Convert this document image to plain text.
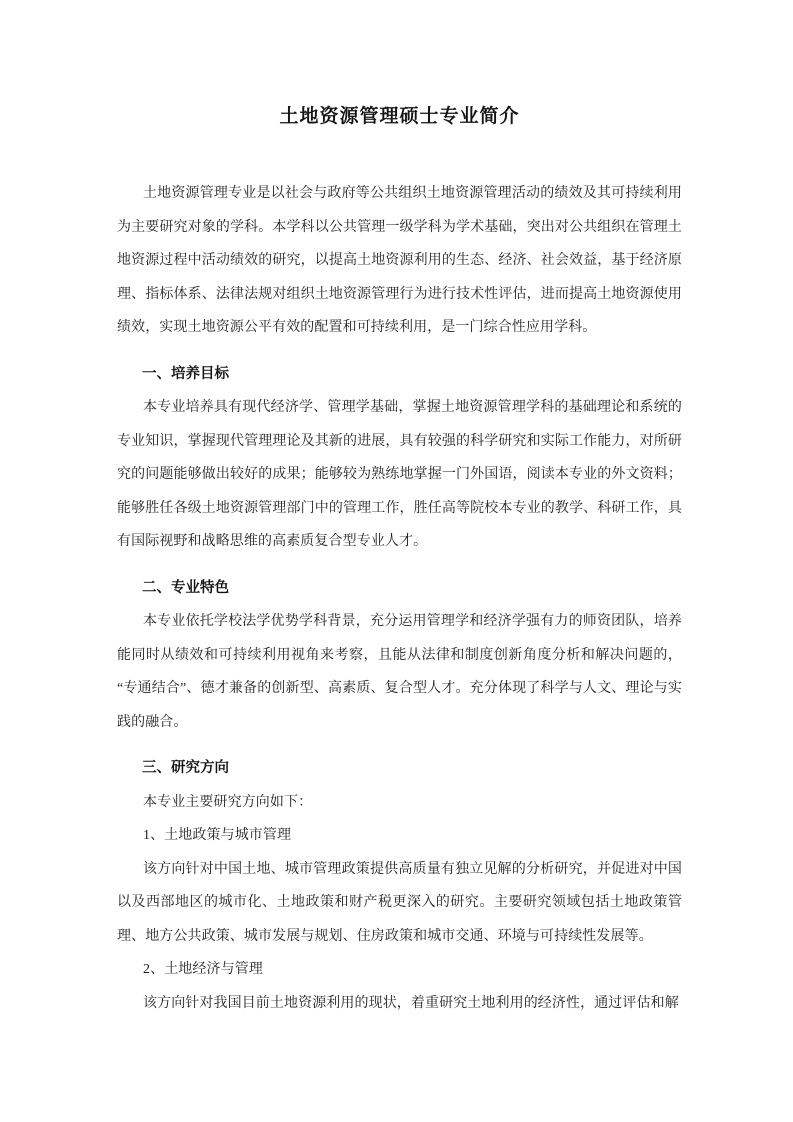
土地资源管理硕士专业简介

土地资源管理专业是以社会与政府等公共组织土地资源管理活动的绩效及其可持续利用为主要研究对象的学科。本学科以公共管理一级学科为学术基础，突出对公共组织在管理土地资源过程中活动绩效的研究，以提高土地资源利用的生态、经济、社会效益，基于经济原理、指标体系、法律法规对组织土地资源管理行为进行技术性评估，进而提高土地资源使用绩效，实现土地资源公平有效的配置和可持续利用，是一门综合性应用学科。

一、培养目标

本专业培养具有现代经济学、管理学基础，掌握土地资源管理学科的基础理论和系统的专业知识，掌握现代管理理论及其新的进展，具有较强的科学研究和实际工作能力，对所研究的问题能够做出较好的成果；能够较为熟练地掌握一门外国语，阅读本专业的外文资料；能够胜任各级土地资源管理部门中的管理工作，胜任高等院校本专业的教学、科研工作，具有国际视野和战略思维的高素质复合型专业人才。

二、专业特色

本专业依托学校法学优势学科背景，充分运用管理学和经济学强有力的师资团队，培养能同时从绩效和可持续利用视角来考察，且能从法律和制度创新角度分析和解决问题的，“专通结合”、德才兼备的创新型、高素质、复合型人才。充分体现了科学与人文、理论与实践的融合。

三、研究方向

本专业主要研究方向如下：

1、土地政策与城市管理

该方向针对中国土地、城市管理政策提供高质量有独立见解的分析研究，并促进对中国以及西部地区的城市化、土地政策和财产税更深入的研究。主要研究领域包括土地政策管理、地方公共政策、城市发展与规划、住房政策和城市交通、环境与可持续性发展等。

2、土地经济与管理

该方向针对我国目前土地资源利用的现状，着重研究土地利用的经济性，通过评估和解
